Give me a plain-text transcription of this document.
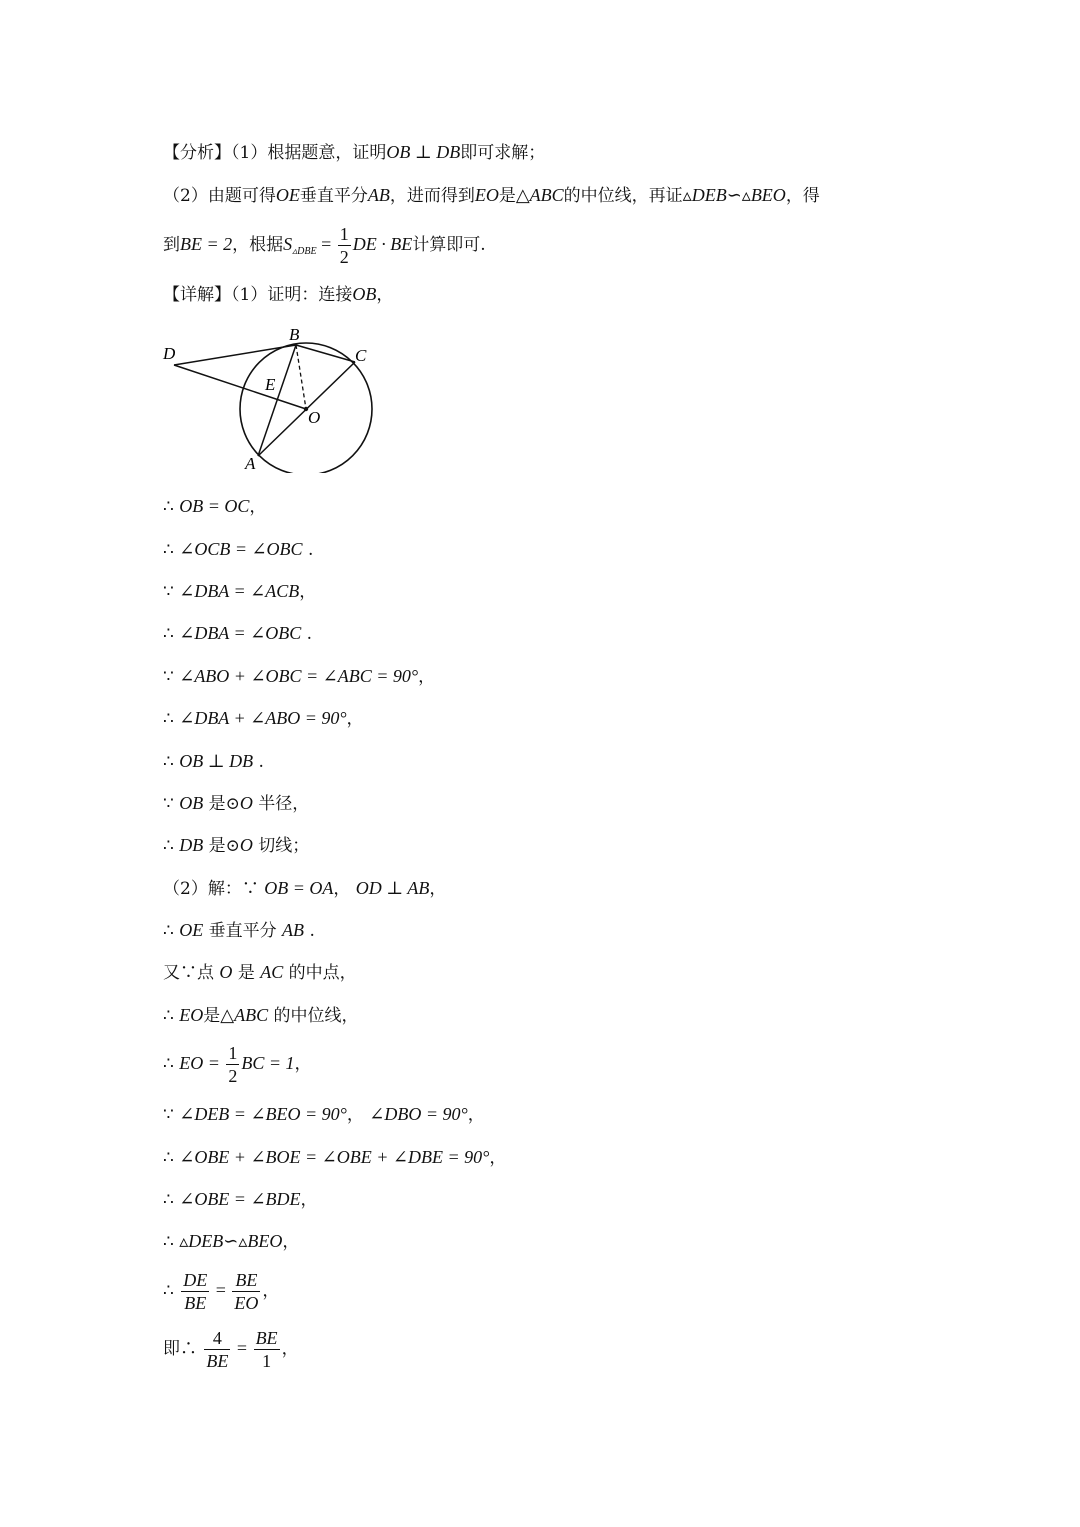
【分析】（1）根据题意，证明OB ⊥ DB即可求解；
（2）由题可得OE垂直平分AB，进而得到EO是△ABC的中位线，再证▵DEB∽▵BEO，得
到BE = 2，根据$S_{▵DBE} = \frac{1}{2}$ DE · BE计算即可.
【详解】（1）证明：连接OB，
D
B
C
E
O
A
∴ OB = OC，
∴ ∠OCB = ∠OBC .
∵ ∠DBA = ∠ACB，
∴ ∠DBA = ∠OBC .
∵ ∠ABO + ∠OBC = ∠ABC = 90°，
∴ ∠DBA + ∠ABO = 90°，
∴ OB ⊥ DB .
∵ OB 是⊙O 半径，
∴ DB 是⊙O 切线；
（2）解：∵ OB = OA， OD ⊥ AB，
∴ OE 垂直平分 AB .
又∵点 O 是 AC 的中点，
∴ EO是△ABC 的中位线，
∴ EO = $\frac{1}{2}$ BC = 1，
∵ ∠DEB = ∠BEO = 90°， ∠DBO = 90°，
∴ ∠OBE + ∠BOE = ∠OBE + ∠DBE = 90°，
∴ ∠OBE = ∠BDE，
∴ ▵DEB∽▵BEO，
∴ $\frac{DE}{BE} = \frac{BE}{EO}$ ，
即∴ $\frac{4}{BE} = \frac{BE}{1}$ ，
